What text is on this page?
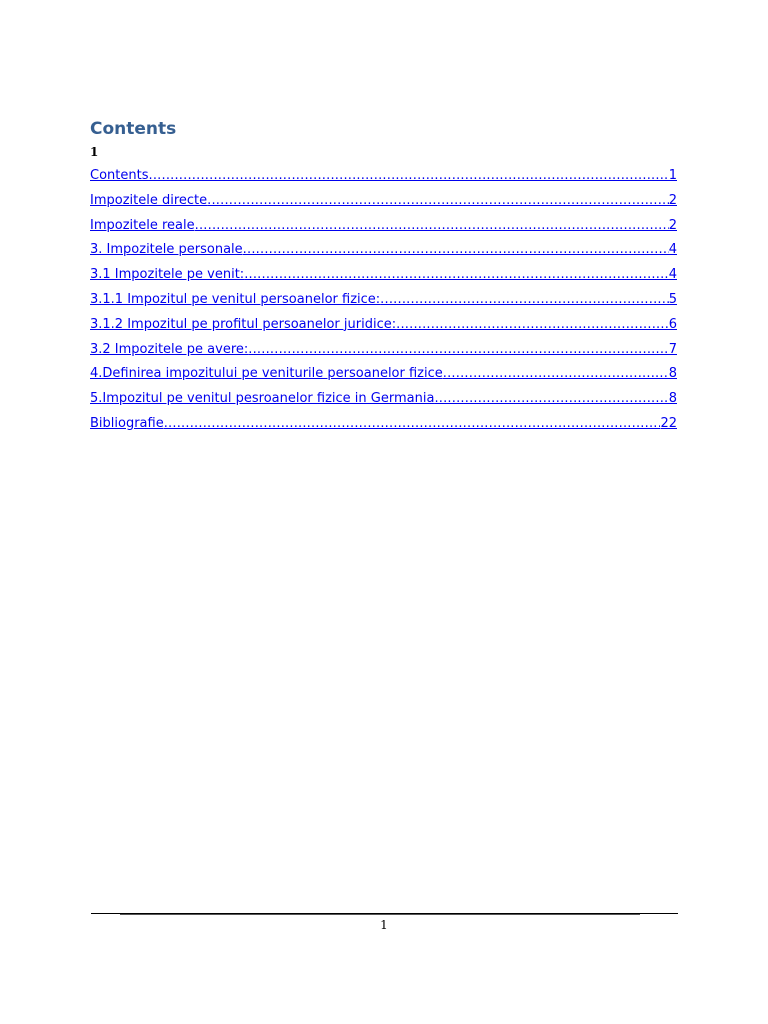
Contents
1
Contents .....	1
Impozitele directe .....	2
Impozitele reale .....	2
3. Impozitele personale .....	4
3.1 Impozitele pe venit: .....	4
3.1.1 Impozitul pe venitul persoanelor fizice: .....	5
3.1.2 Impozitul pe profitul persoanelor juridice: .....	6
3.2 Impozitele pe avere: .....	7
4.Definirea impozitului pe veniturile persoanelor fizice .....	8
5.Impozitul pe venitul pesroanelor fizice in Germania .....	8
Bibliografie .....	22
1
